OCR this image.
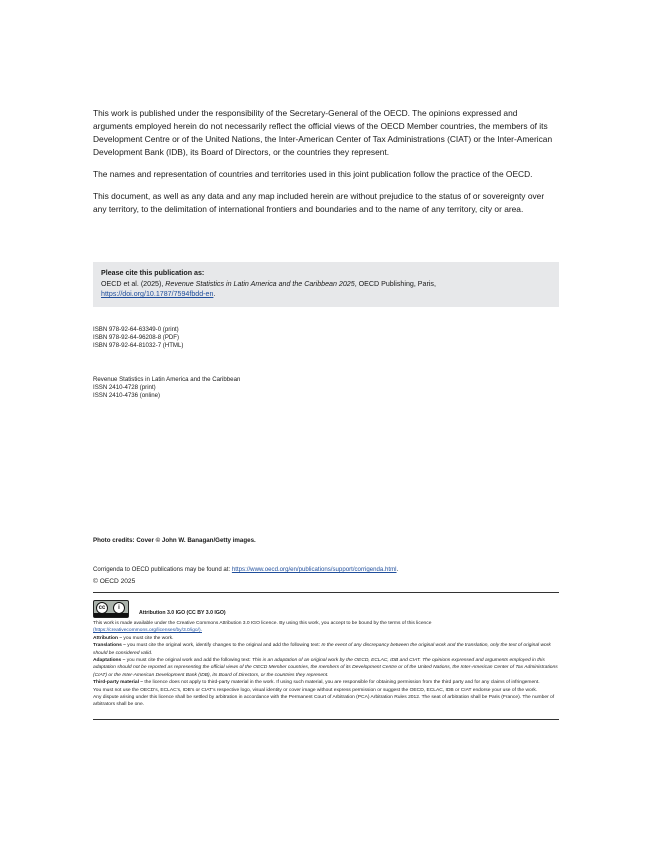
This work is published under the responsibility of the Secretary-General of the OECD. The opinions expressed and arguments employed herein do not necessarily reflect the official views of the OECD Member countries, the members of its Development Centre or of the United Nations, the Inter-American Center of Tax Administrations (CIAT) or the Inter-American Development Bank (IDB), its Board of Directors, or the countries they represent.

The names and representation of countries and territories used in this joint publication follow the practice of the OECD.

This document, as well as any data and any map included herein are without prejudice to the status of or sovereignty over any territory, to the delimitation of international frontiers and boundaries and to the name of any territory, city or area.

Please cite this publication as:
OECD et al. (2025), Revenue Statistics in Latin America and the Caribbean 2025, OECD Publishing, Paris,
https://doi.org/10.1787/7594fbdd-en.
ISBN 978-92-64-63349-0 (print)
ISBN 978-92-64-96208-8 (PDF)
ISBN 978-92-64-81032-7 (HTML)
Revenue Statistics in Latin America and the Caribbean
ISSN 2410-4728 (print)
ISSN 2410-4736 (online)
Photo credits: Cover © John W. Banagan/Getty images.
Corrigenda to OECD publications may be found at: https://www.oecd.org/en/publications/support/corrigenda.html.
© OECD 2025
cc	i
Attribution 3.0 IGO (CC BY 3.0 IGO)

This work is made available under the Creative Commons Attribution 3.0 IGO licence. By using this work, you accept to be bound by the terms of this licence
(https://creativecommons.org/licenses/by/3.0/igo/).

Attribution – you must cite the work.

Translations – you must cite the original work, identify changes to the original and add the following text: In the event of any discrepancy between the original work and the translation, only the text of original work should be considered valid.

Adaptations – you must cite the original work and add the following text: This is an adaptation of an original work by the OECD, ECLAC, IDB and CIAT. The opinions expressed and arguments employed in this adaptation should not be reported as representing the official views of the OECD Member countries, the members of its Development Centre or of the United Nations, the Inter-American Center of Tax Administrations (CIAT) or the Inter-American Development Bank (IDB), its Board of Directors, or the countries they represent.

Third-party material – the licence does not apply to third-party material in the work. If using such material, you are responsible for obtaining permission from the third party and for any claims of infringement.

You must not use the OECD's, ECLAC's, IDB's or CIAT's respective logo, visual identity or cover image without express permission or suggest the OECD, ECLAC, IDB or CIAT endorse your use of the work.

Any dispute arising under this licence shall be settled by arbitration in accordance with the Permanent Court of Arbitration (PCA) Arbitration Rules 2012. The seat of arbitration shall be Paris (France). The number of arbitrators shall be one.
